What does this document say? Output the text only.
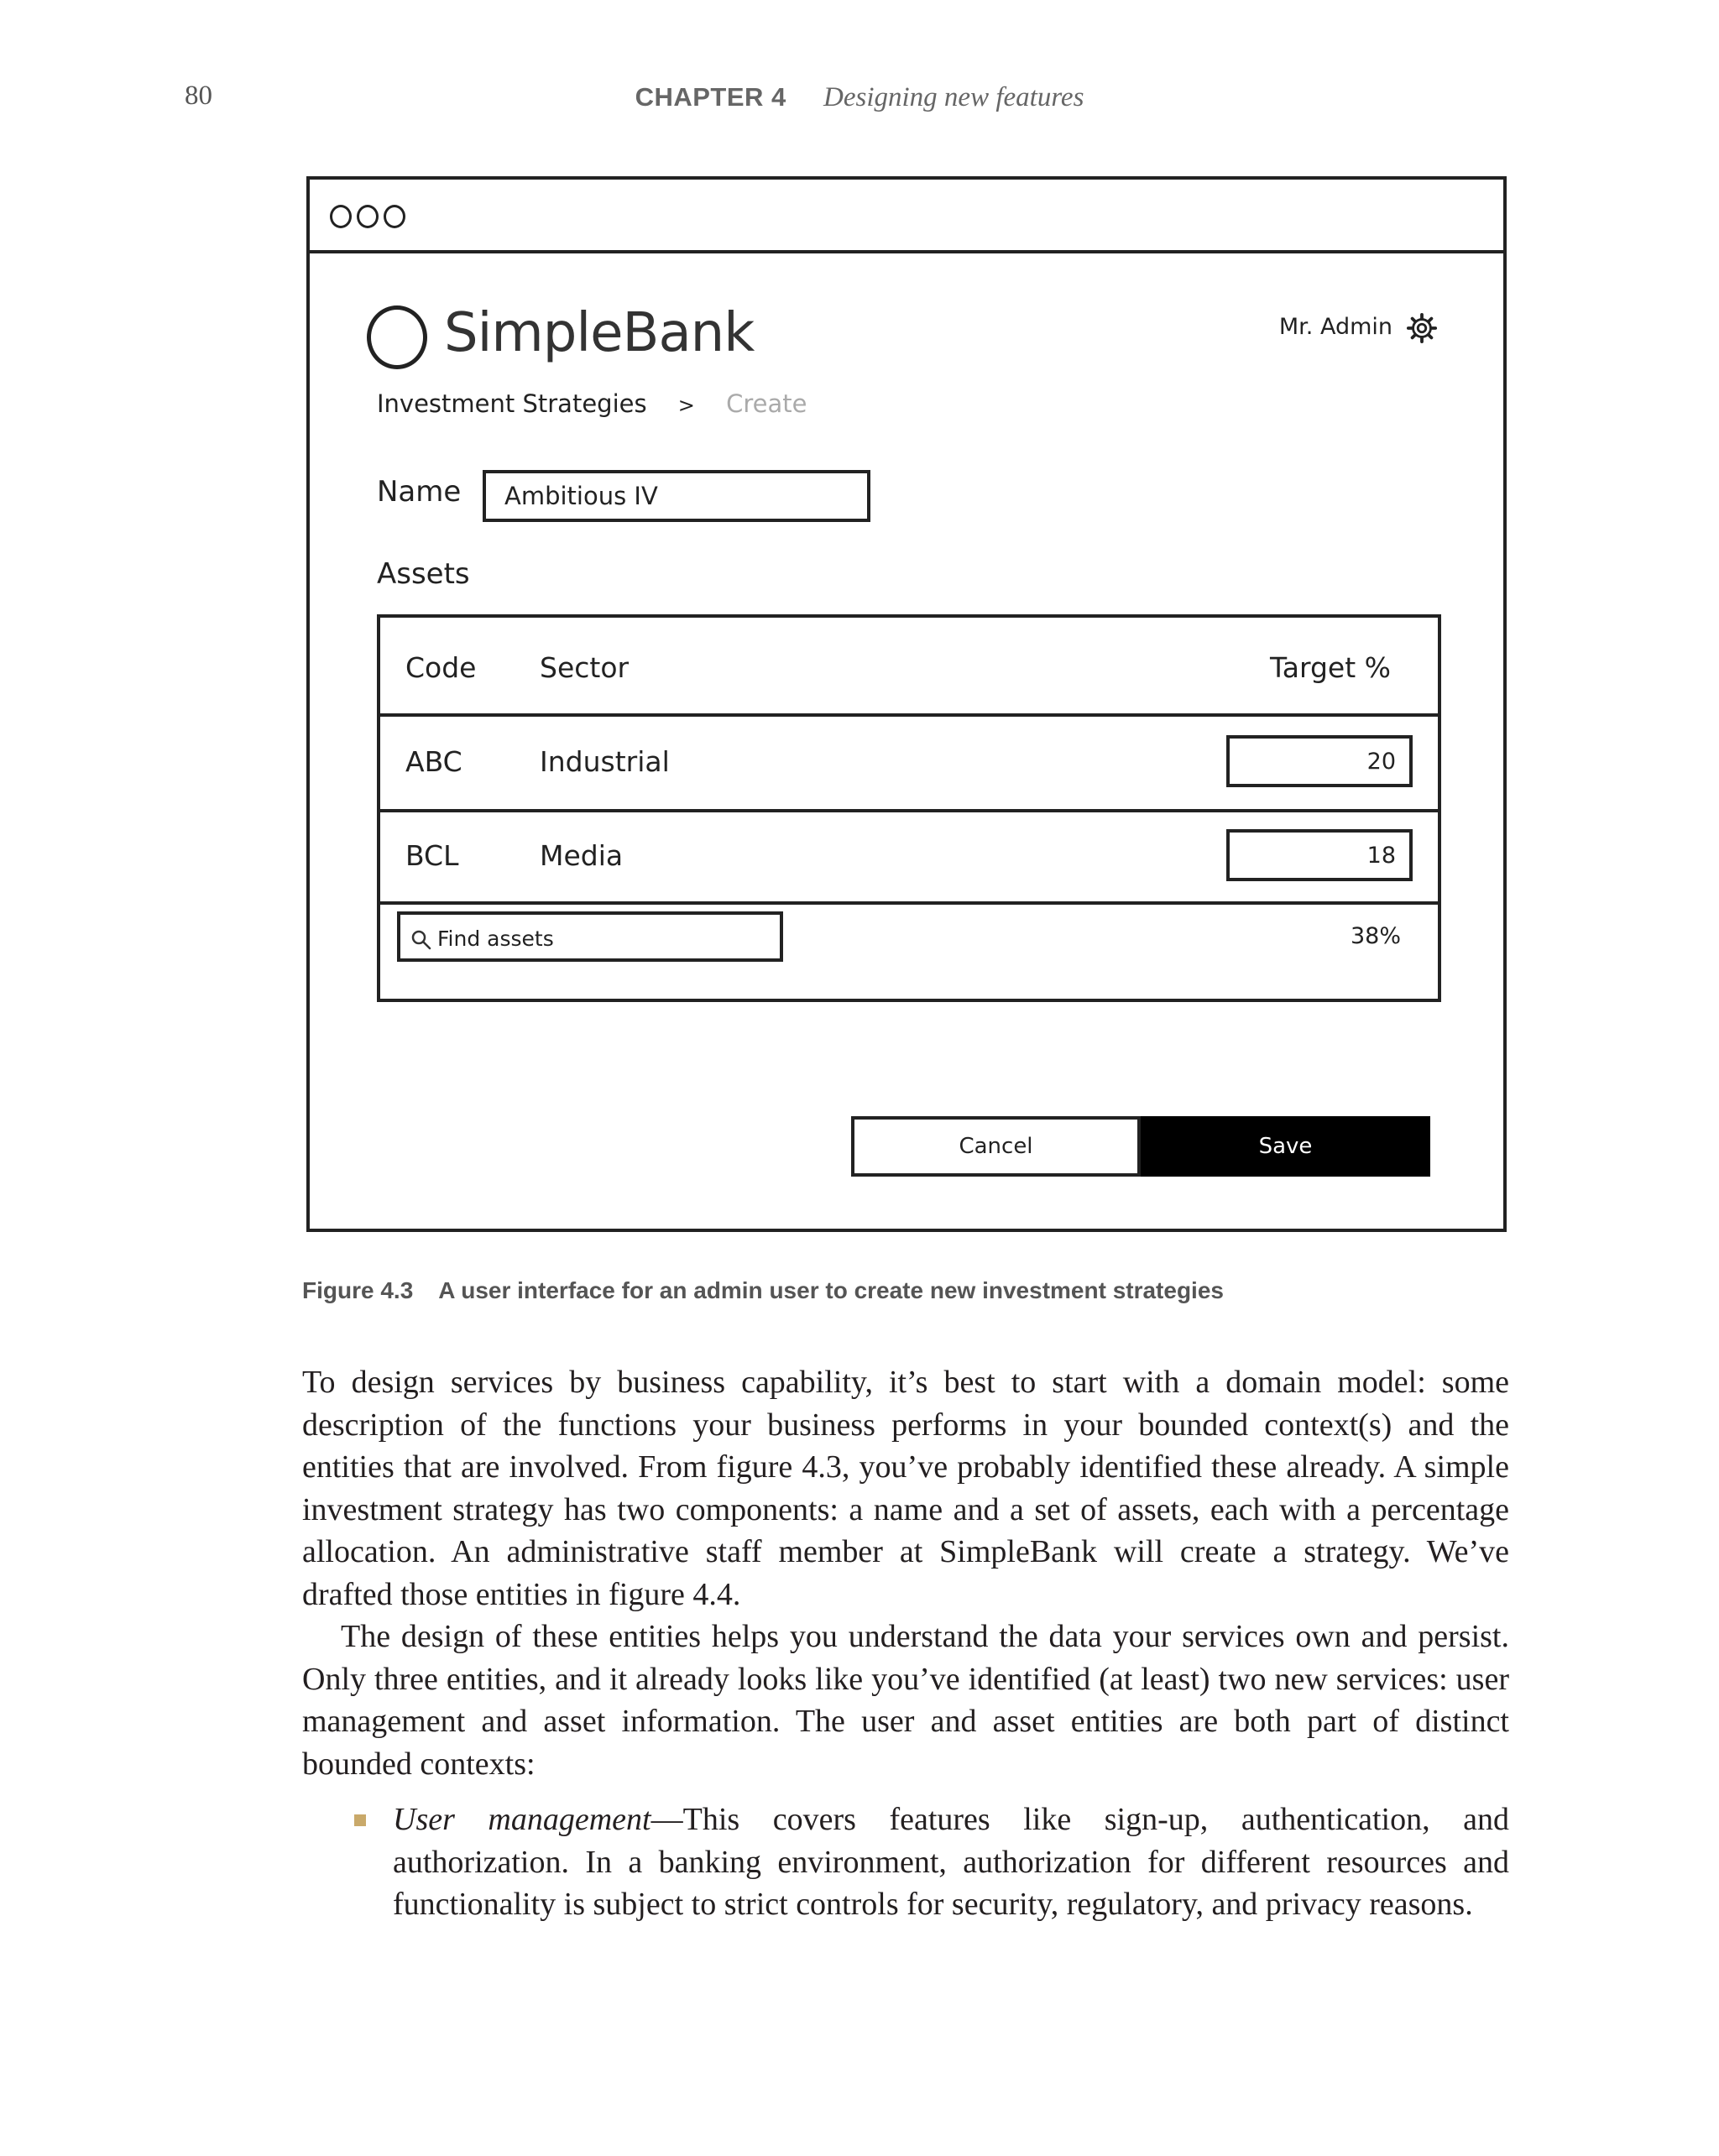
80	CHAPTER 4 Designing new features
SimpleBank	Mr. Admin
Investment Strategies > Create
Name	Ambitious IV
Assets
Code Sector	Target %
ABC	Industrial	20
BCL	Media	18
Find assets	38%
Cancel	Save
Figure 4.3 A user interface for an admin user to create new investment strategies

To design services by business capability, it’s best to start with a domain model: some description of the functions your business performs in your bounded context(s) and the entities that are involved. From figure 4.3, you’ve probably identified these already. A simple investment strategy has two components: a name and a set of assets, each with a percentage allocation. An administrative staff member at SimpleBank will create a strategy. We’ve drafted those entities in figure 4.4.

The design of these entities helps you understand the data your services own and persist. Only three entities, and it already looks like you’ve identified (at least) two new services: user management and asset information. The user and asset entities are both part of distinct bounded contexts:

User management—This covers features like sign-up, authentication, and authorization. In a banking environment, authorization for different resources and functionality is subject to strict controls for security, regulatory, and privacy reasons.
